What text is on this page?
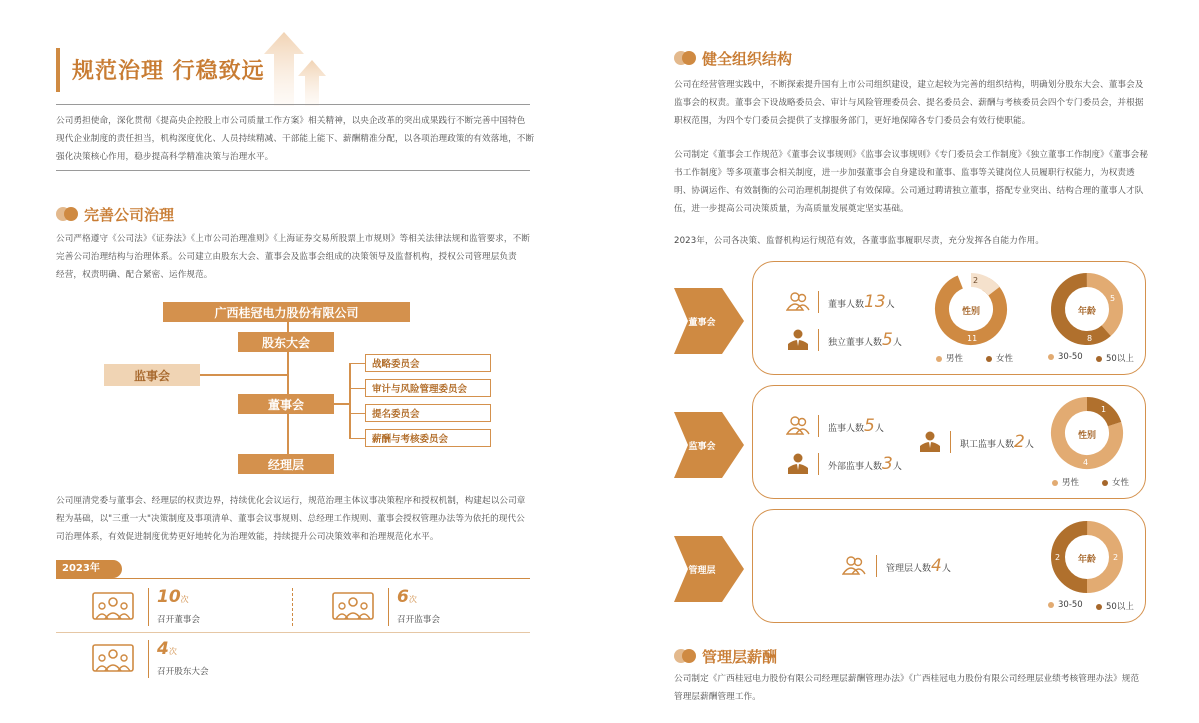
规范治理 行稳致远
公司勇担使命，深化贯彻《提高央企控股上市公司质量工作方案》相关精神，以央企改革的突出成果践行不断完善中国特色
现代企业制度的责任担当，机构深度优化、人员持续精减、干部能上能下、薪酬精准分配，以各项治理政策的有效落地，不断
强化决策核心作用，稳步提高科学精准决策与治理水平。
完善公司治理
公司严格遵守《公司法》《证券法》《上市公司治理准则》《上海证券交易所股票上市规则》等相关法律法规和监管要求，不断
完善公司治理结构与治理体系。公司建立由股东大会、董事会及监事会组成的决策领导及监督机构，授权公司管理层负责
经营，权责明确、配合紧密、运作规范。
广西桂冠电力股份有限公司
股东大会
监事会
董事会
战略委员会
审计与风险管理委员会
提名委员会
薪酬与考核委员会
经理层
公司厘清党委与董事会、经理层的权责边界，持续优化会议运行，规范治理主体议事决策程序和授权机制，构建起以公司章
程为基础，以"三重一大"决策制度及事项清单、董事会议事规则、总经理工作规则、董事会授权管理办法等为依托的现代公
司治理体系，有效促进制度优势更好地转化为治理效能，持续提升公司决策效率和治理规范化水平。
2023年
10次
召开董事会
6次
召开监事会
4次
召开股东大会
健全组织结构
公司在经营管理实践中，不断探索提升国有上市公司组织建设，建立起较为完善的组织结构，明确划分股东大会、董事会及
监事会的权责。董事会下设战略委员会、审计与风险管理委员会、提名委员会、薪酬与考核委员会四个专门委员会，并根据
职权范围，为四个专门委员会提供了支撑服务部门，更好地保障各专门委员会有效行使职能。
公司制定《董事会工作规范》《董事会议事规则》《监事会议事规则》《专门委员会工作制度》《独立董事工作制度》《董事会秘
书工作制度》等多项董事会相关制度，进一步加强董事会自身建设和董事、监事等关键岗位人员履职行权能力，为权责透
明、协调运作、有效制衡的公司治理机制提供了有效保障。公司通过聘请独立董事，搭配专业突出、结构合理的董事人才队
伍，进一步提高公司决策质量，为高质量发展奠定坚实基础。
2023年，公司各决策、监督机构运行规范有效，各董事监事履职尽责，充分发挥各自能力作用。
董事会
董事人数13人
独立董事人数5人
性别
2
11
男性	女性
年龄
5
8
30-50	50以上
监事会
监事人数5人
外部监事人数3人
职工监事人数2人
性别
1
4
男性	女性
管理层	管理层人数4人
年龄
2	2
30-50	50以上
管理层薪酬
公司制定《广西桂冠电力股份有限公司经理层薪酬管理办法》《广西桂冠电力股份有限公司经理层业绩考核管理办法》规范
管理层薪酬管理工作。
